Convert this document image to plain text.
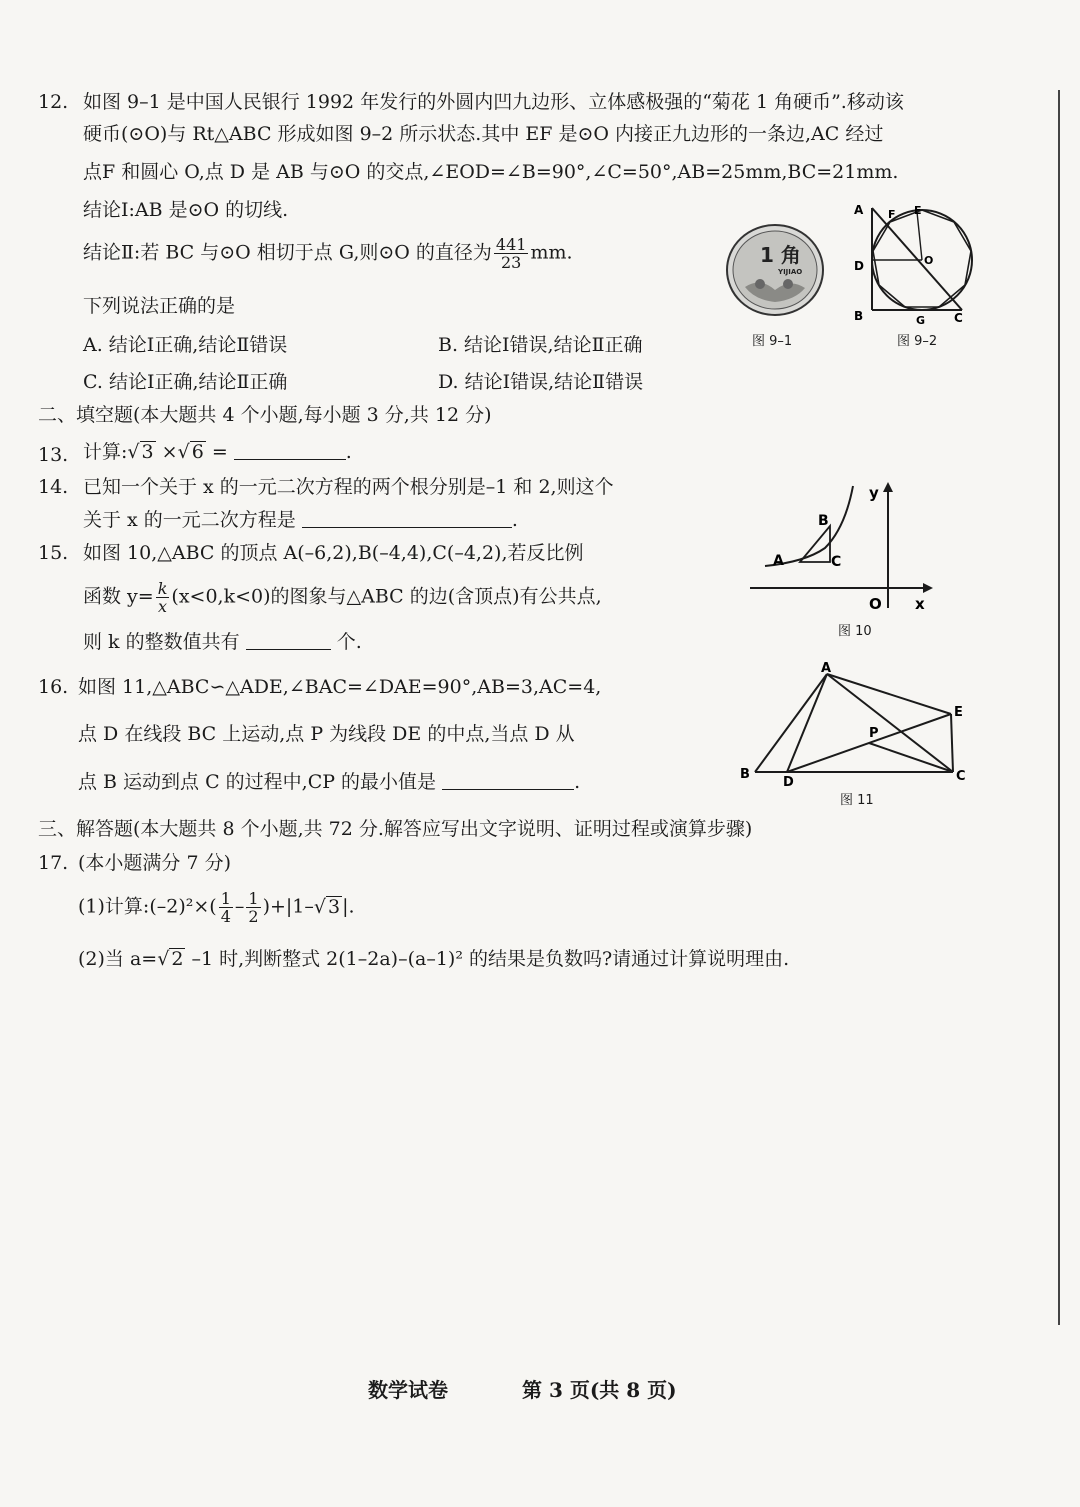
12. 如图 9–1 是中国人民银行 1992 年发行的外圆内凹九边形、立体感极强的“菊花 1 角硬币”.移动该
硬币(⊙O)与 Rt△ABC 形成如图 9–2 所示状态.其中 EF 是⊙O 内接正九边形的一条边,AC 经过
点F 和圆心 O,点 D 是 AB 与⊙O 的交点,∠EOD=∠B=90°,∠C=50°,AB=25mm,BC=21mm.
结论Ⅰ:AB 是⊙O 的切线.
结论Ⅱ:若 BC 与⊙O 相切于点 G,则⊙O 的直径为 $\frac{441}{23}$ mm.
下列说法正确的是
A. 结论Ⅰ正确,结论Ⅱ错误	B. 结论Ⅰ错误,结论Ⅱ正确
C. 结论Ⅰ正确,结论Ⅱ正确	D. 结论Ⅰ错误,结论Ⅱ错误
1 角
YIJIAO
图 9–1
A F E
D	O
B	G C
图 9–2
二、填空题(本大题共 4 个小题,每小题 3 分,共 12 分)
13. 计算:√ 3 ×√ 6 =	.
14. 已知一个关于 x 的一元二次方程的两个根分别是–1 和 2,则这个
关于 x 的一元二次方程是	.
15. 如图 10,△ABC 的顶点 A(–6,2),B(–4,4),C(–4,2),若反比例
函数 $y= \frac{k}{x} (x<0,k<0)$的图象与△ABC 的边(含顶点)有公共点,
则 k 的整数值共有	个.
y
B
A	C
O x
图 10
16. 如图 11,△ABC∽△ADE,∠BAC=∠DAE=90°,AB=3,AC=4,
点 D 在线段 BC 上运动,点 P 为线段 DE 的中点,当点 D 从
点 B 运动到点 C 的过程中,CP 的最小值是	.
A
E
P
B
D	C
图 11
三、解答题(本大题共 8 个小题,共 72 分.解答应写出文字说明、证明过程或演算步骤)
17. (本小题满分 7 分)
(1)计算:(–2)²×( $\frac{1}{4} - \frac{1}{2} )+|1-√$ 3 |.
(2)当 a=√ 2 –1 时,判断整式 2(1–2a)–(a–1)² 的结果是负数吗?请通过计算说明理由.
数学试卷	第 3 页(共 8 页)
